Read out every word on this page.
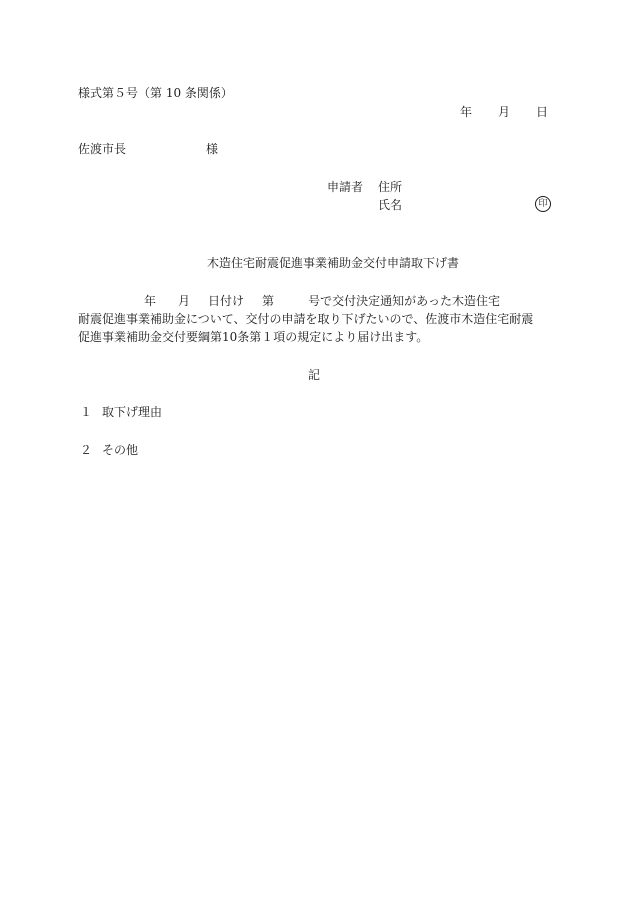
様式第５号（第 10 条関係）
年 月 日
佐渡市長	様
申請者 住所
氏名	印
木造住宅耐震促進事業補助金交付申請取下げ書
年 月 日付け 第	号で交付決定通知があった木造住宅
耐震促進事業補助金について、交付の申請を取り下げたいので、佐渡市木造住宅耐震
促進事業補助金交付要綱第10条第１項の規定により届け出ます。
記
１ 取下げ理由
２ その他
